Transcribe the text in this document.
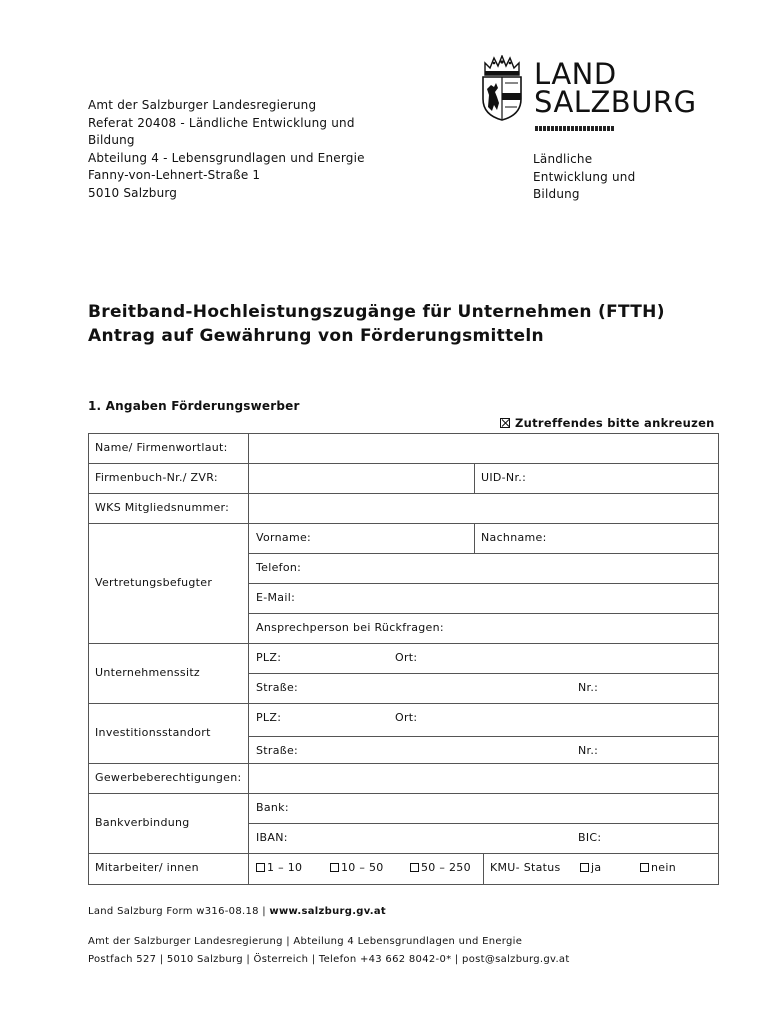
Amt der Salzburger Landesregierung
Referat 20408 - Ländliche Entwicklung und
Bildung
Abteilung 4 - Lebensgrundlagen und Energie
Fanny-von-Lehnert-Straße 1
5010 Salzburg
LAND
SALZBURG
Ländliche
Entwicklung und
Bildung
Breitband-Hochleistungszugänge für Unternehmen (FTTH)
Antrag auf Gewährung von Förderungsmitteln
1. Angaben Förderungswerber
Zutreffendes bitte ankreuzen
Name/ Firmenwortlaut:
Firmenbuch-Nr./ ZVR:	UID-Nr.:
WKS Mitgliedsnummer:
Vertretungsbefugter
Vorname:	Nachname:
Telefon:
E-Mail:
Ansprechperson bei Rückfragen:
Unternehmenssitz
PLZ:	Ort:
Straße:	Nr.:
Investitionsstandort
PLZ:	Ort:
Straße:	Nr.:
Gewerbeberechtigungen:
Bankverbindung
Bank:
IBAN:	BIC:
Mitarbeiter/ innen	1 – 10	10 – 50	50 – 250 KMU- Status	ja	nein
Land Salzburg Form w316-08.18 | www.salzburg.gv.at
Amt der Salzburger Landesregierung | Abteilung 4 Lebensgrundlagen und Energie
Postfach 527 | 5010 Salzburg | Österreich | Telefon +43 662 8042-0* | post@salzburg.gv.at
